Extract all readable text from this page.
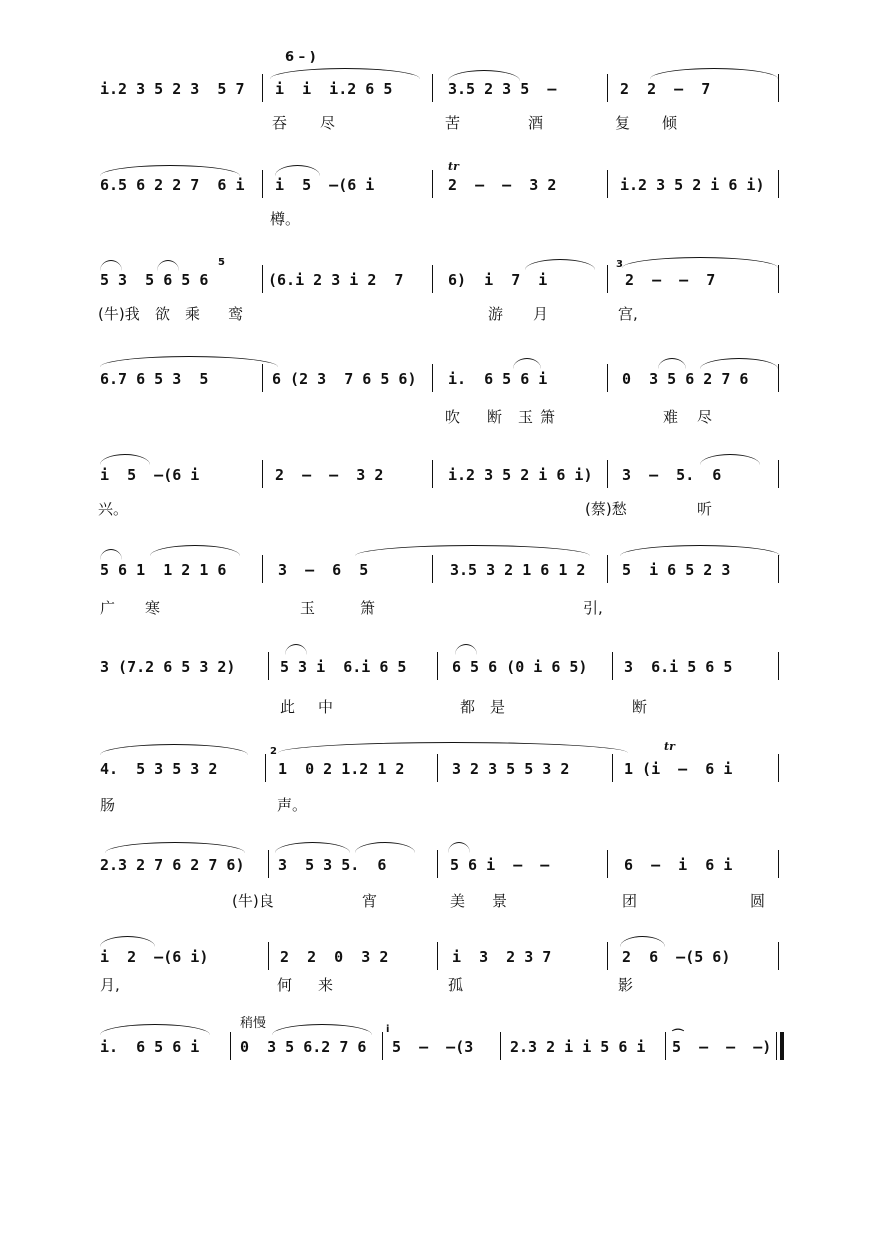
6 – )

i.2 3 5 2 3  5 7

i  i  i.2 6 5

	3.5 2 3 5  –

	2  2  –  7

吞

尽

	苦

	酒

	复

倾

tr

6.5 6 2 2 7  6 i

i  5  –(6 i

	2  –  –  3 2

	i.2 3 5 2 i 6 i)

樽。

5	3

5 3  5 6 5 6

	(6.i 2 3 i 2  7

	6)  i  7  i

	2  –  –  7

(牛)我

欲

乘

鸾

	游

月

	宫,

6.7 6 5 3  5

	6 (2 3  7 6 5 6)

i.  6 5 6 i

	0  3 5 6 2 7 6

吹

断

玉

箫

	难

尽

i  5  –(6 i

	2  –  –  3 2

	i.2 3 5 2 i 6 i)

3  –  5.  6

兴。

	(蔡)愁

	听

5 6 1  1 2 1 6

	3  –  6  5

	3.5 3 2 1 6 1 2

5  i 6 5 2 3

广

寒

	玉

	箫

	引,

3 (7.2 6 5 3 2)

	5 3 i  6.i 6 5

	6 5 6 (0 i 6 5)

3  6.i 5 6 5

此

中

	都

是

	断

2	tr

4.  5 3 5 3 2

	1  0 2 1.2 1 2

	3 2 3 5 5 3 2

	1 (i  –  6 i

肠

	声。

2.3 2 7 6 2 7 6)

3  5 3 5.  6

	5 6 i  –  –

	6  –  i  6 i

(牛)良

	宵

	美

景

	团

	圆

i  2  –(6 i)

	2  2  0  3 2

	i  3  2 3 7

	2  6  –(5 6)

月,

	何

来

	孤

	影

稍慢	i	⌒

i.  6 5 6 i

	0  3 5 6.2 7 6

5  –  –(3

2.3 2 i i 5 6 i

5  –  –  –)
